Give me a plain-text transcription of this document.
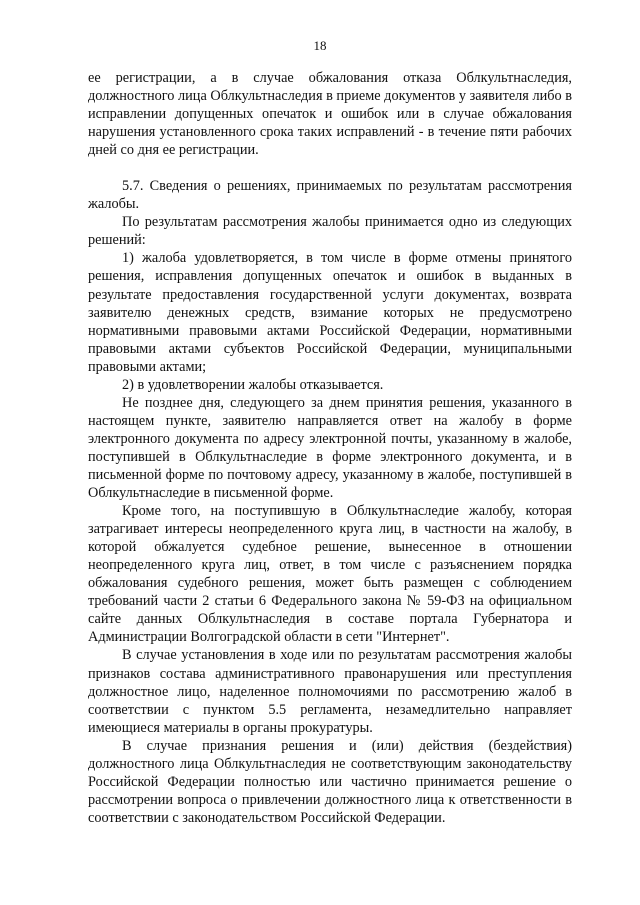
18

ее регистрации, а в случае обжалования отказа Облкультнаследия, должностного лица Облкультнаследия в приеме документов у заявителя либо в исправлении допущенных опечаток и ошибок или в случае обжалования нарушения установленного срока таких исправлений - в течение пяти рабочих дней со дня ее регистрации.

5.7. Сведения о решениях, принимаемых по результатам рассмотрения жалобы.

По результатам рассмотрения жалобы принимается одно из следующих решений:

1) жалоба удовлетворяется, в том числе в форме отмены принятого решения, исправления допущенных опечаток и ошибок в выданных в результате предоставления государственной услуги документах, возврата заявителю денежных средств, взимание которых не предусмотрено нормативными правовыми актами Российской Федерации, нормативными правовыми актами субъектов Российской Федерации, муниципальными правовыми актами;

2) в удовлетворении жалобы отказывается.

Не позднее дня, следующего за днем принятия решения, указанного в настоящем пункте, заявителю направляется ответ на жалобу в форме электронного документа по адресу электронной почты, указанному в жалобе, поступившей в Облкультнаследие в форме электронного документа, и в письменной форме по почтовому адресу, указанному в жалобе, поступившей в Облкультнаследие в письменной форме.

Кроме того, на поступившую в Облкультнаследие жалобу, которая затрагивает интересы неопределенного круга лиц, в частности на жалобу, в которой обжалуется судебное решение, вынесенное в отношении неопределенного круга лиц, ответ, в том числе с разъяснением порядка обжалования судебного решения, может быть размещен с соблюдением требований части 2 статьи 6 Федерального закона № 59-ФЗ на официальном сайте данных Облкультнаследия в составе портала Губернатора и Администрации Волгоградской области в сети "Интернет".

В случае установления в ходе или по результатам рассмотрения жалобы признаков состава административного правонарушения или преступления должностное лицо, наделенное полномочиями по рассмотрению жалоб в соответствии с пунктом 5.5 регламента, незамедлительно направляет имеющиеся материалы в органы прокуратуры.

В случае признания решения и (или) действия (бездействия) должностного лица Облкультнаследия не соответствующим законодательству Российской Федерации полностью или частично принимается решение о рассмотрении вопроса о привлечении должностного лица к ответственности в соответствии с законодательством Российской Федерации.
